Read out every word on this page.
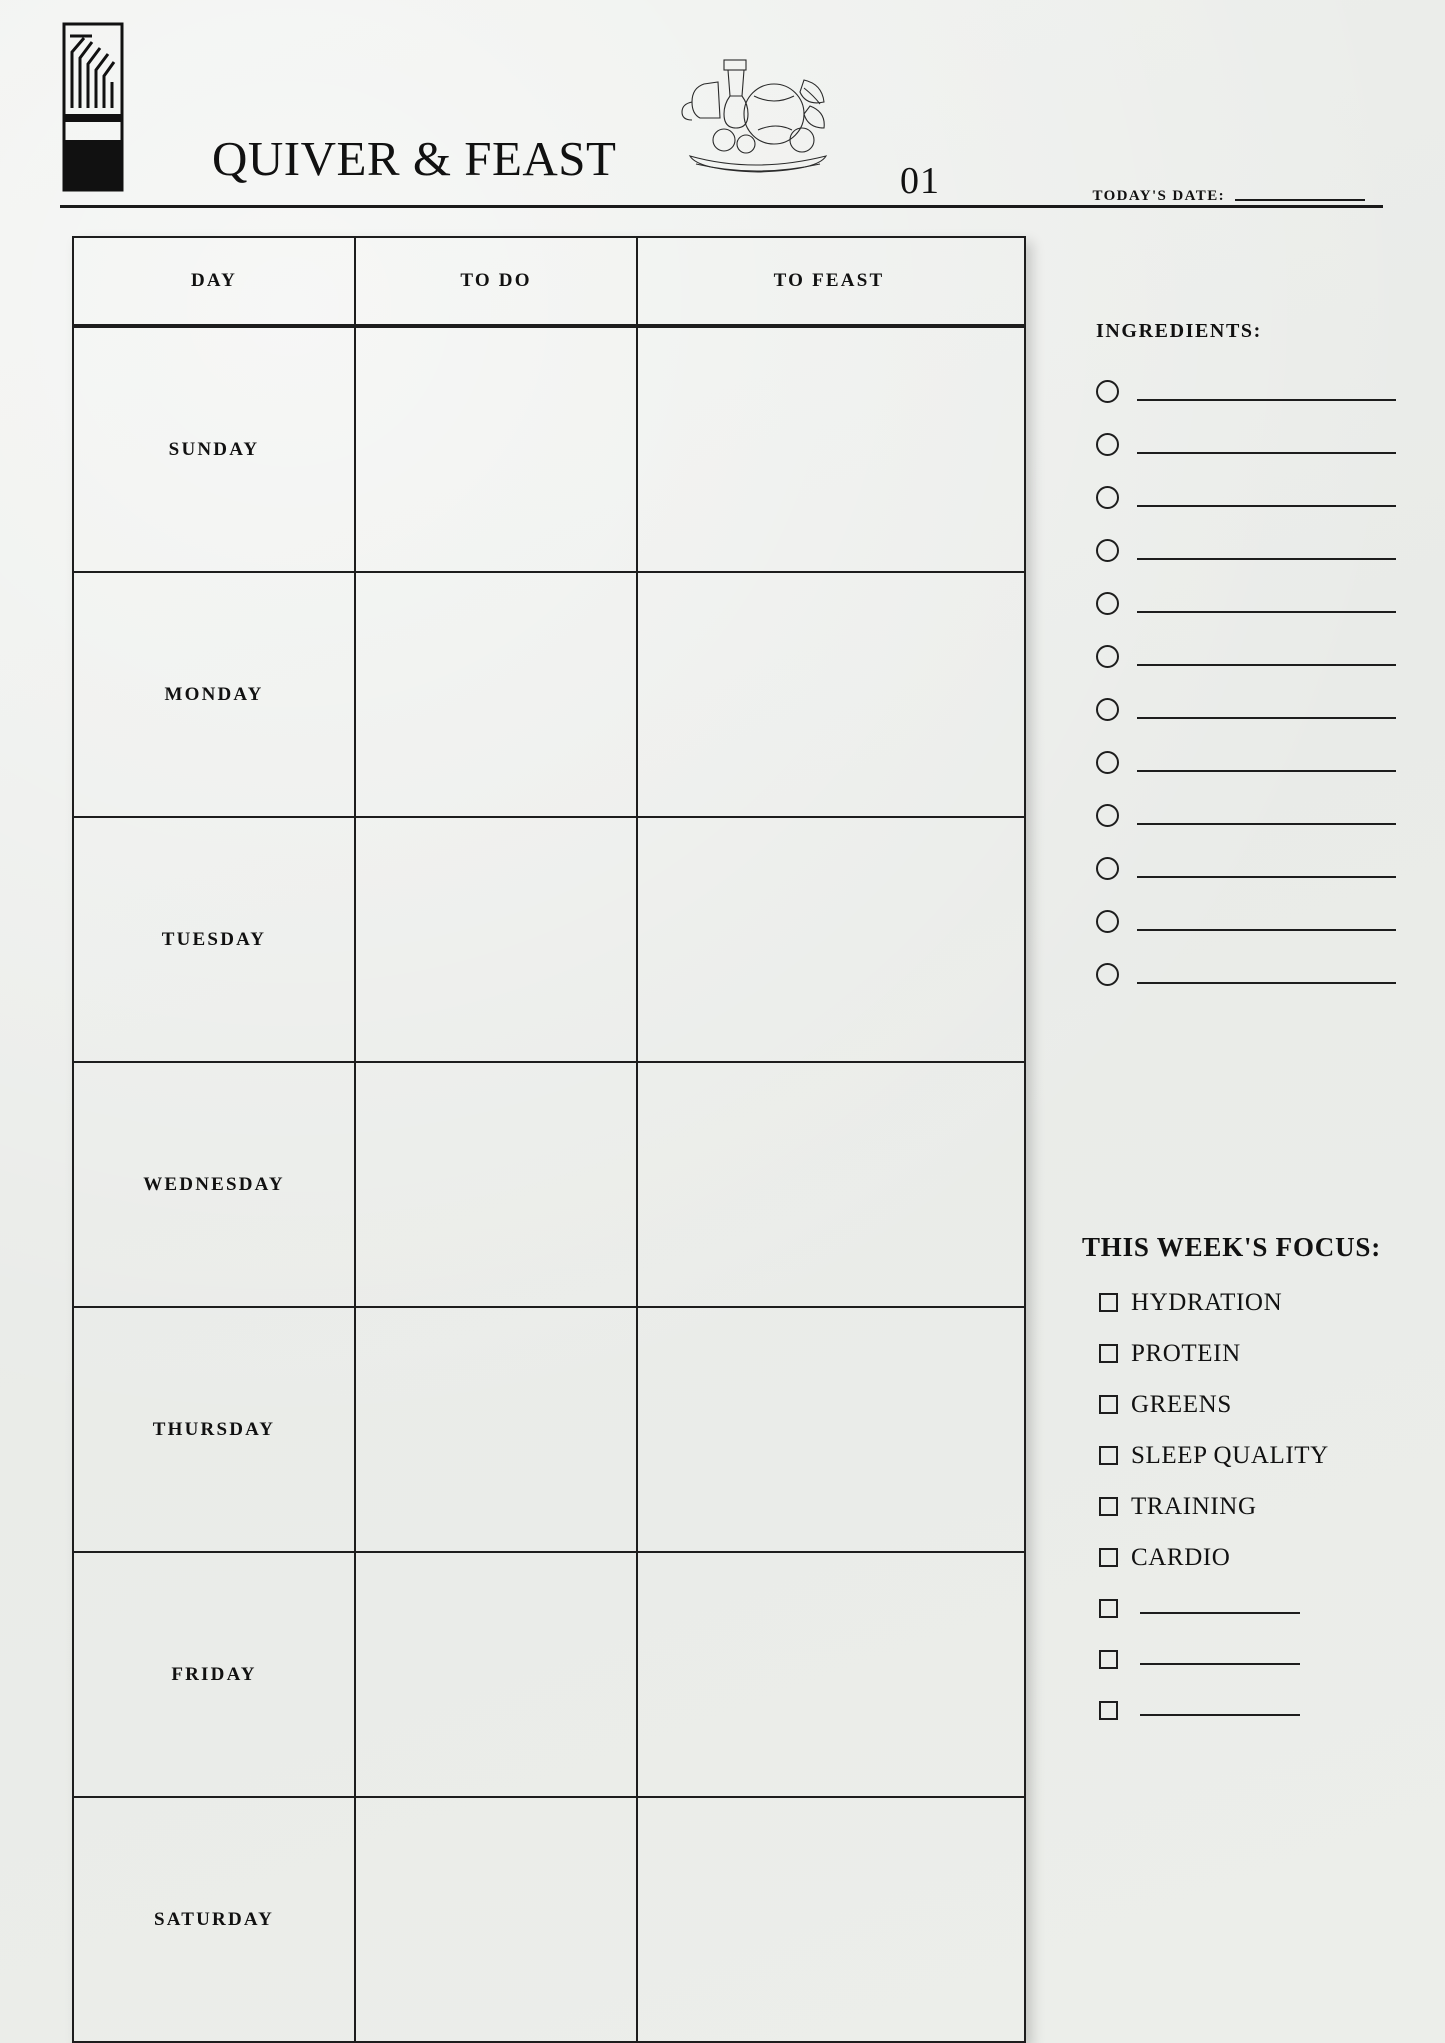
QUIVER & FEAST	01	TODAY'S DATE:
DAY	TO DO	TO FEAST
SUNDAY
MONDAY
TUESDAY
WEDNESDAY
THURSDAY
FRIDAY
SATURDAY
INGREDIENTS:
THIS WEEK'S FOCUS:
HYDRATION
PROTEIN
GREENS
SLEEP QUALITY
TRAINING
CARDIO
